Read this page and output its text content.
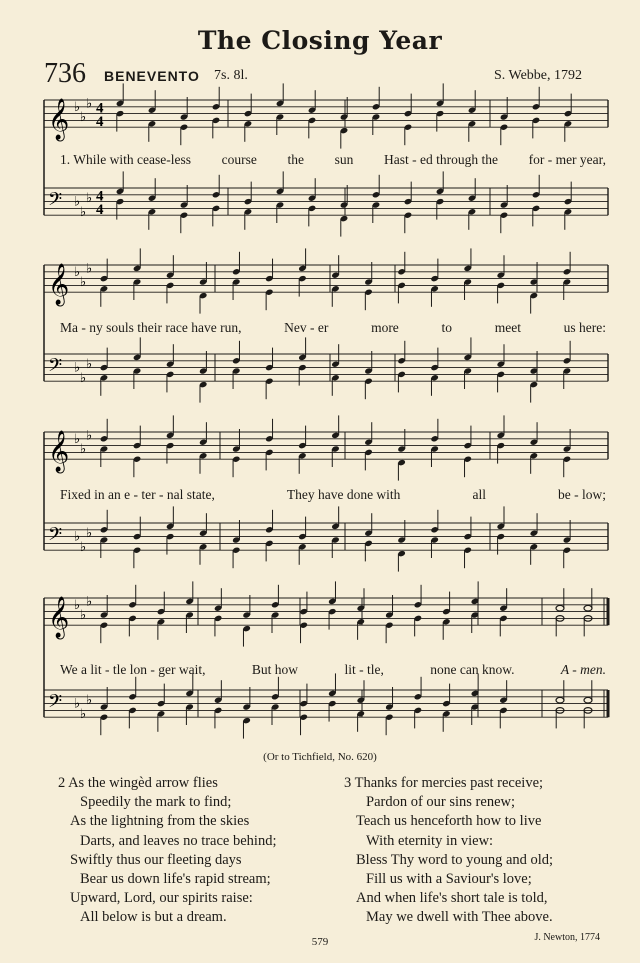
The Closing Year
736 BENEVENTO 7s. 8l.	S. Webbe, 1792
𝄞 ♭
♭
♭ 4
4
𝄢 ♭
♭
♭ 4
4
𝄞 ♭
♭
♭
𝄢 ♭
♭
♭
𝄞 ♭
♭
♭
𝄢 ♭
♭
♭
𝄞 ♭
♭
♭
𝄢 ♭
♭
♭
1. While with cease-less course the sun Hast - ed through the for - mer year,
Ma - ny souls their race have run,	Nev - er	more	to	meet	us here:
Fixed in an e - ter - nal state,	They have done with	all	be - low;
We a lit - tle lon - ger wait,	But how	lit - tle,	none can know.	A - men.
(Or to Tichfield, No. 620)
2 As the wingèd arrow flies
Speedily the mark to find;
As the lightning from the skies
Darts, and leaves no trace behind;
Swiftly thus our fleeting days
Bear us down life's rapid stream;
Upward, Lord, our spirits raise:
All below is but a dream.
3 Thanks for mercies past receive;
Pardon of our sins renew;
Teach us henceforth how to live
With eternity in view:
Bless Thy word to young and old;
Fill us with a Saviour's love;
And when life's short tale is told,
May we dwell with Thee above.
579	J. Newton, 1774
